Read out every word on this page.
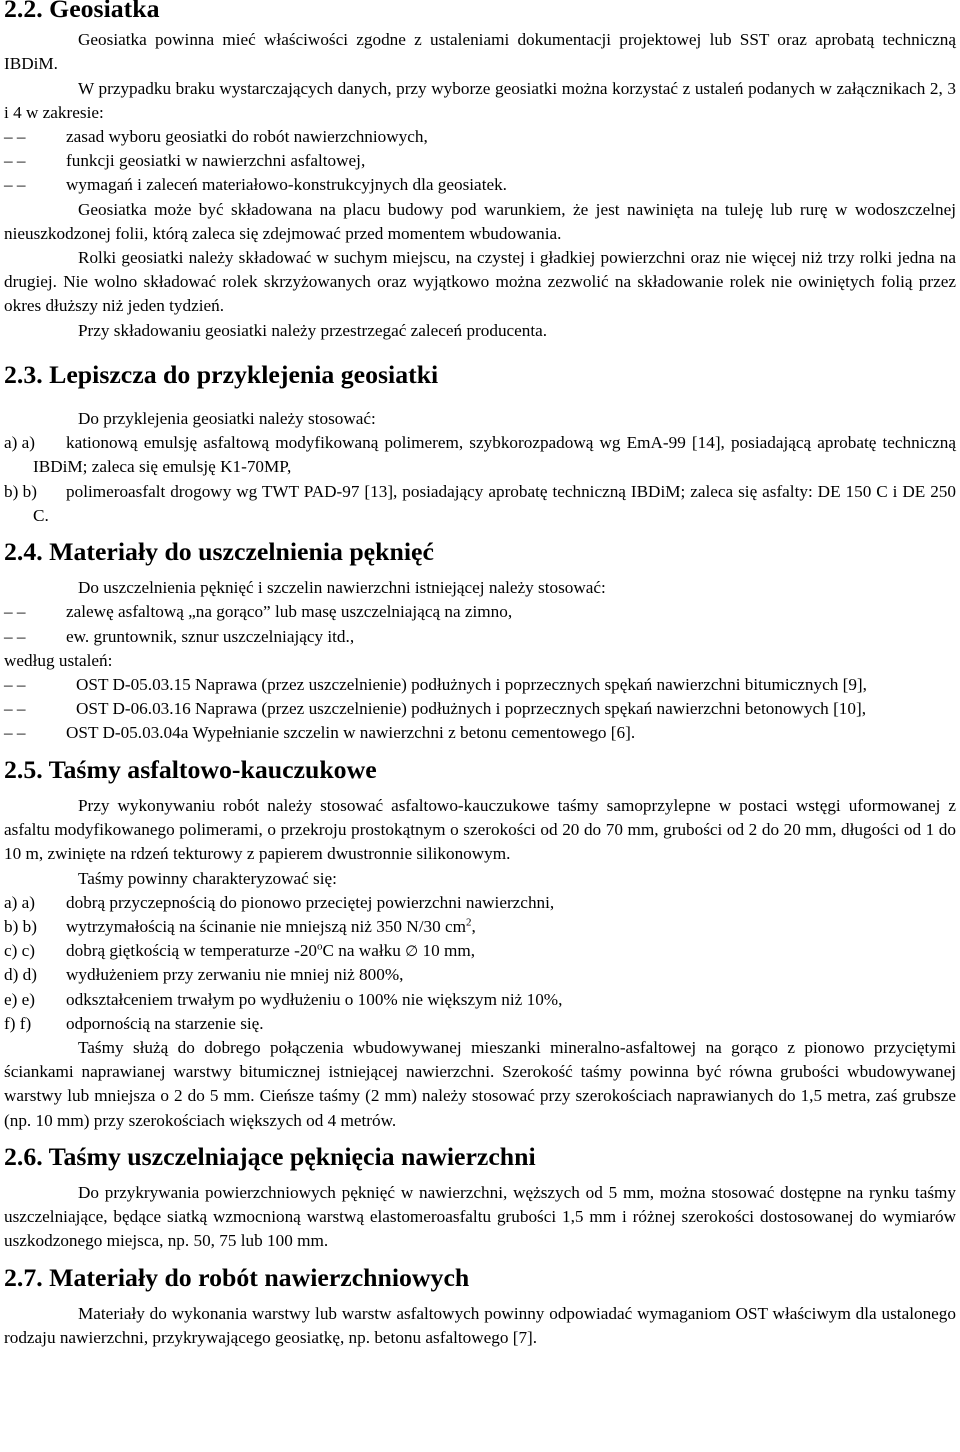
2.2. Geosiatka

Geosiatka powinna mieć właściwości zgodne z ustaleniami dokumentacji projektowej lub SST oraz aprobatą techniczną IBDiM.

W przypadku braku wystarczających danych, przy wyborze geosiatki można korzystać z ustaleń podanych w załącznikach 2, 3 i 4 w zakresie:

– – zasad wyboru geosiatki do robót nawierzchniowych,

– – funkcji geosiatki w nawierzchni asfaltowej,

– – wymagań i zaleceń materiałowo-konstrukcyjnych dla geosiatek.

Geosiatka może być składowana na placu budowy pod warunkiem, że jest nawinięta na tuleję lub rurę w wodoszczelnej nieuszkodzonej folii, którą zaleca się zdejmować przed momentem wbudowania.

Rolki geosiatki należy składować w suchym miejscu, na czystej i gładkiej powierzchni oraz nie więcej niż trzy rolki jedna na drugiej. Nie wolno składować rolek skrzyżowanych oraz wyjątkowo można zezwolić na składowanie rolek nie owiniętych folią przez okres dłuższy niż jeden tydzień.

Przy składowaniu geosiatki należy przestrzegać zaleceń producenta.

2.3. Lepiszcza do przyklejenia geosiatki

Do przyklejenia geosiatki należy stosować:

a) a) kationową emulsję asfaltową modyfikowaną polimerem, szybkorozpadową wg EmA-99 [14], posiadającą aprobatę techniczną IBDiM; zaleca się emulsję K1-70MP,

b) b) polimeroasfalt drogowy wg TWT PAD-97 [13], posiadający aprobatę techniczną IBDiM; zaleca się asfalty: DE 150 C i DE 250 C.

2.4. Materiały do uszczelnienia pęknięć

Do uszczelnienia pęknięć i szczelin nawierzchni istniejącej należy stosować:

– – zalewę asfaltową „na gorąco” lub masę uszczelniającą na zimno,

– – ew. gruntownik, sznur uszczelniający itd.,

według ustaleń:

– –	OST D-05.03.15 Naprawa (przez uszczelnienie) podłużnych i poprzecznych spękań nawierzchni bitumicznych [9],

– –	OST D-06.03.16 Naprawa (przez uszczelnienie) podłużnych i poprzecznych spękań nawierzchni betonowych [10],

– – OST D-05.03.04a Wypełnianie szczelin w nawierzchni z betonu cementowego [6].

2.5. Taśmy asfaltowo-kauczukowe

Przy wykonywaniu robót należy stosować asfaltowo-kauczukowe taśmy samoprzylepne w postaci wstęgi uformowanej z asfaltu modyfikowanego polimerami, o przekroju prostokątnym o szerokości od 20 do 70 mm, grubości od 2 do 20 mm, długości od 1 do 10 m, zwinięte na rdzeń tekturowy z papierem dwustronnie silikonowym.

Taśmy powinny charakteryzować się:

a) a) dobrą przyczepnością do pionowo przeciętej powierzchni nawierzchni,

b) b) wytrzymałością na ścinanie nie mniejszą niż 350 N/30 $cm^2$,

c) c) dobrą giętkością w temperaturze -20$^o$C na wałku ∅ 10 mm,

d) d) wydłużeniem przy zerwaniu nie mniej niż 800%,

e) e) odkształceniem trwałym po wydłużeniu o 100% nie większym niż 10%,

f) f) odpornością na starzenie się.

Taśmy służą do dobrego połączenia wbudowywanej mieszanki mineralno-asfaltowej na gorąco z pionowo przyciętymi ściankami naprawianej warstwy bitumicznej istniejącej nawierzchni. Szerokość taśmy powinna być równa grubości wbudowywanej warstwy lub mniejsza o 2 do 5 mm. Cieńsze taśmy (2 mm) należy stosować przy szerokościach naprawianych do 1,5 metra, zaś grubsze (np. 10 mm) przy szerokościach większych od 4 metrów.

2.6. Taśmy uszczelniające pęknięcia nawierzchni

Do przykrywania powierzchniowych pęknięć w nawierzchni, węższych od 5 mm, można stosować dostępne na rynku taśmy uszczelniające, będące siatką wzmocnioną warstwą elastomeroasfaltu grubości 1,5 mm i różnej szerokości dostosowanej do wymiarów uszkodzonego miejsca, np. 50, 75 lub 100 mm.

2.7. Materiały do robót nawierzchniowych

Materiały do wykonania warstwy lub warstw asfaltowych powinny odpowiadać wymaganiom OST właściwym dla ustalonego rodzaju nawierzchni, przykrywającego geosiatkę, np. betonu asfaltowego [7].
